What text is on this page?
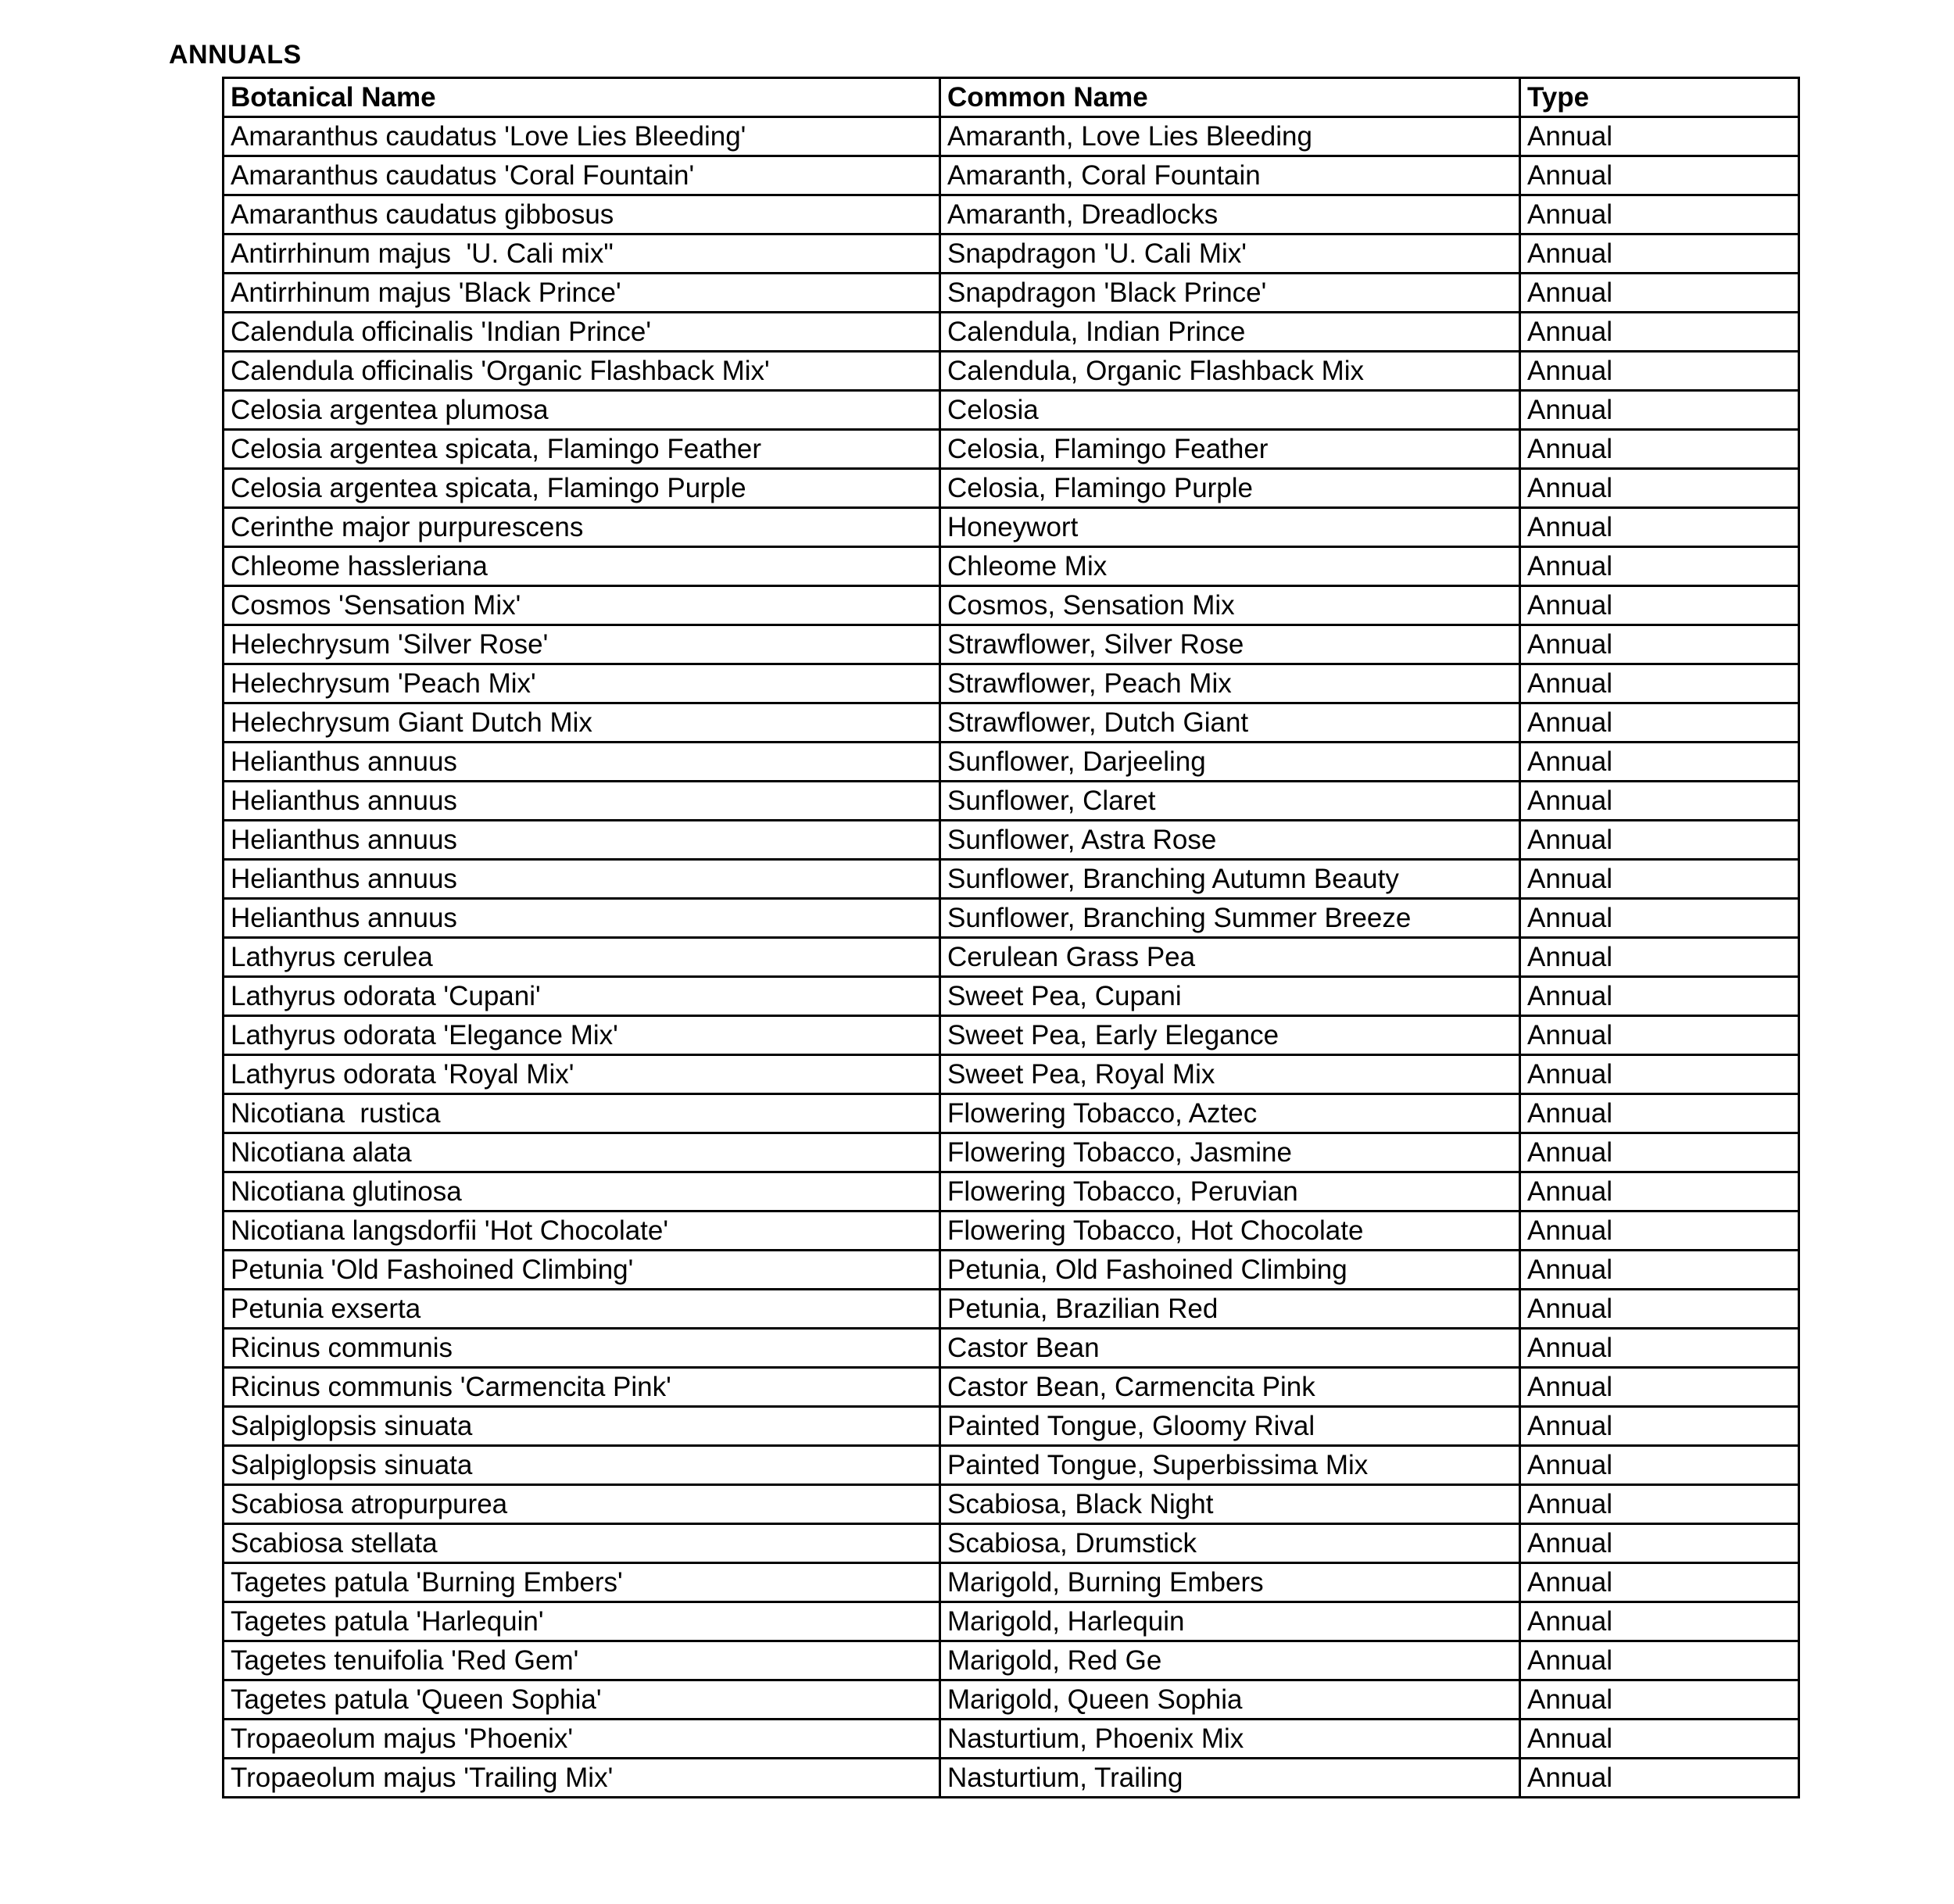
ANNUALS
Botanical Name	Common Name	Type
Amaranthus caudatus 'Love Lies Bleeding'	Amaranth, Love Lies Bleeding	Annual
Amaranthus caudatus 'Coral Fountain'	Amaranth, Coral Fountain	Annual
Amaranthus caudatus gibbosus	Amaranth, Dreadlocks	Annual
Antirrhinum majus  'U. Cali mix"	Snapdragon 'U. Cali Mix'	Annual
Antirrhinum majus 'Black Prince'	Snapdragon 'Black Prince'	Annual
Calendula officinalis 'Indian Prince'	Calendula, Indian Prince	Annual
Calendula officinalis 'Organic Flashback Mix'	Calendula, Organic Flashback Mix	Annual
Celosia argentea plumosa	Celosia	Annual
Celosia argentea spicata, Flamingo Feather	Celosia, Flamingo Feather	Annual
Celosia argentea spicata, Flamingo Purple	Celosia, Flamingo Purple	Annual
Cerinthe major purpurescens	Honeywort	Annual
Chleome hassleriana	Chleome Mix	Annual
Cosmos 'Sensation Mix'	Cosmos, Sensation Mix	Annual
Helechrysum 'Silver Rose'	Strawflower, Silver Rose	Annual
Helechrysum 'Peach Mix'	Strawflower, Peach Mix	Annual
Helechrysum Giant Dutch Mix	Strawflower, Dutch Giant	Annual
Helianthus annuus	Sunflower, Darjeeling	Annual
Helianthus annuus	Sunflower, Claret	Annual
Helianthus annuus	Sunflower, Astra Rose	Annual
Helianthus annuus	Sunflower, Branching Autumn Beauty	Annual
Helianthus annuus	Sunflower, Branching Summer Breeze	Annual
Lathyrus cerulea	Cerulean Grass Pea	Annual
Lathyrus odorata 'Cupani'	Sweet Pea, Cupani	Annual
Lathyrus odorata 'Elegance Mix'	Sweet Pea, Early Elegance	Annual
Lathyrus odorata 'Royal Mix'	Sweet Pea, Royal Mix	Annual
Nicotiana  rustica	Flowering Tobacco, Aztec	Annual
Nicotiana alata	Flowering Tobacco, Jasmine	Annual
Nicotiana glutinosa	Flowering Tobacco, Peruvian	Annual
Nicotiana langsdorfii 'Hot Chocolate'	Flowering Tobacco, Hot Chocolate	Annual
Petunia 'Old Fashoined Climbing'	Petunia, Old Fashoined Climbing	Annual
Petunia exserta	Petunia, Brazilian Red	Annual
Ricinus communis	Castor Bean	Annual
Ricinus communis 'Carmencita Pink'	Castor Bean, Carmencita Pink	Annual
Salpiglopsis sinuata	Painted Tongue, Gloomy Rival	Annual
Salpiglopsis sinuata	Painted Tongue, Superbissima Mix	Annual
Scabiosa atropurpurea	Scabiosa, Black Night	Annual
Scabiosa stellata	Scabiosa, Drumstick	Annual
Tagetes patula 'Burning Embers'	Marigold, Burning Embers	Annual
Tagetes patula 'Harlequin'	Marigold, Harlequin	Annual
Tagetes tenuifolia 'Red Gem'	Marigold, Red Ge	Annual
Tagetes patula 'Queen Sophia'	Marigold, Queen Sophia	Annual
Tropaeolum majus 'Phoenix'	Nasturtium, Phoenix Mix	Annual
Tropaeolum majus 'Trailing Mix'	Nasturtium, Trailing	Annual
